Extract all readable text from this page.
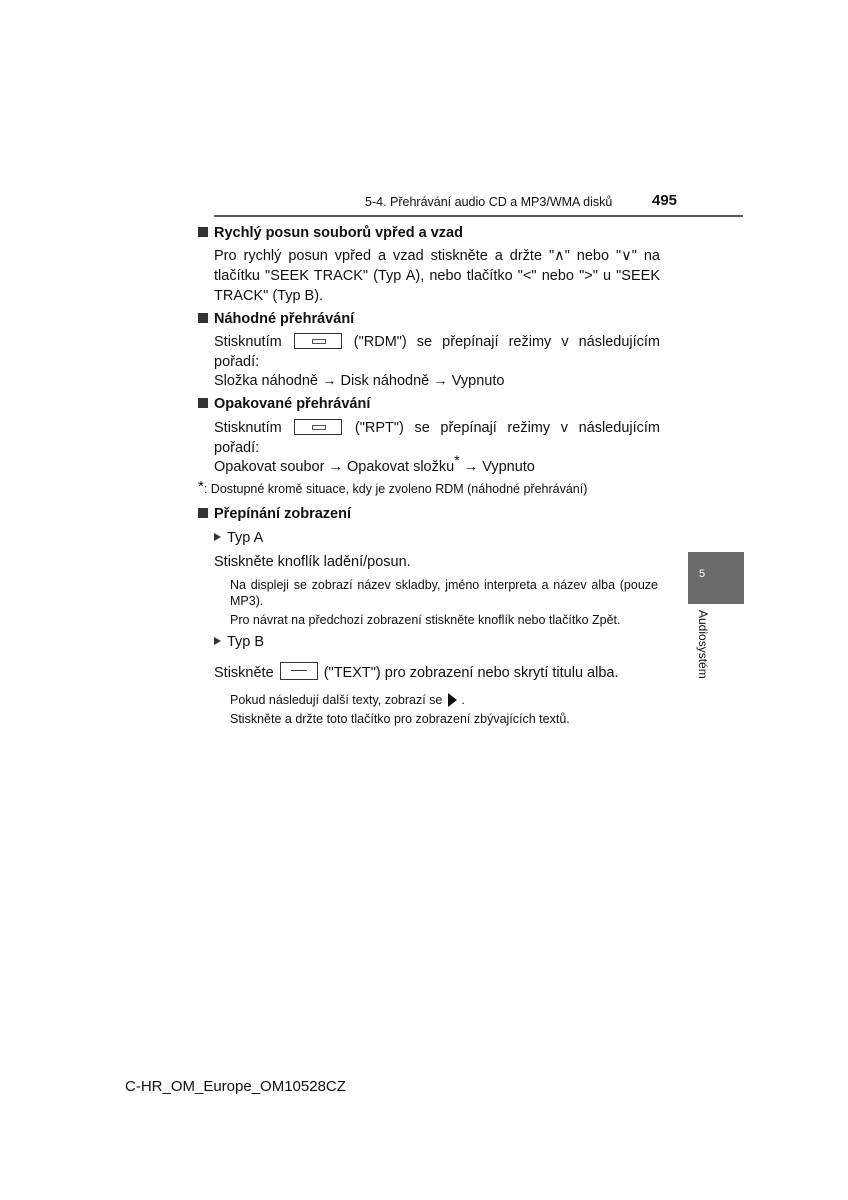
5-4. Přehrávání audio CD a MP3/WMA disků	495
Rychlý posun souborů vpřed a vzad
Pro rychlý posun vpřed a vzad stiskněte a držte "∧" nebo "∨" na tlačítku "SEEK TRACK" (Typ A), nebo tlačítko "<" nebo ">" u "SEEK TRACK" (Typ B).
Náhodné přehrávání
Stisknutím	("RDM") se přepínají režimy v následujícím pořadí:
Složka náhodně → Disk náhodně → Vypnuto
Opakované přehrávání
Stisknutím	("RPT") se přepínají režimy v následujícím pořadí:
Opakovat soubor → Opakovat složku* → Vypnuto
*: Dostupné kromě situace, kdy je zvoleno RDM (náhodné přehrávání)
Přepínání zobrazení
Typ A
Stiskněte knoflík ladění/posun.
Na displeji se zobrazí název skladby, jméno interpreta a název alba (pouze MP3).
Pro návrat na předchozí zobrazení stiskněte knoflík nebo tlačítko Zpět.
Typ B
Stiskněte	("TEXT") pro zobrazení nebo skrytí titulu alba.
Pokud následují další texty, zobrazí se .
Stiskněte a držte toto tlačítko pro zobrazení zbývajících textů.
5
Audiosystém
C-HR_OM_Europe_OM10528CZ
